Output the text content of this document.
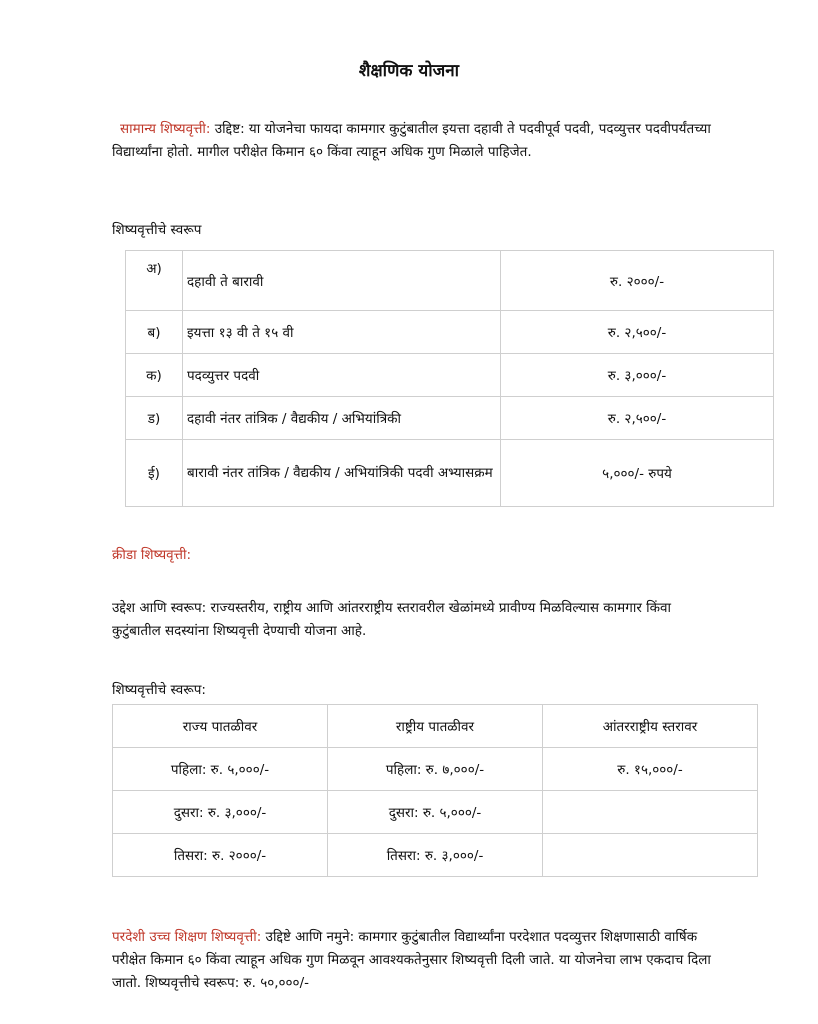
शैक्षणिक योजना
सामान्य शिष्यवृत्ती: उद्दिष्ट: या योजनेचा फायदा कामगार कुटुंबातील इयत्ता दहावी ते पदवीपूर्व पदवी, पदव्युत्तर पदवीपर्यंतच्या विद्यार्थ्यांना होतो. मागील परीक्षेत किमान ६० किंवा त्याहून अधिक गुण मिळाले पाहिजेत.
शिष्यवृत्तीचे स्वरूप
अ)	दहावी ते बारावी	रु. २०००/-
ब)	इयत्ता १३ वी ते १५ वी	रु. २,५००/-
क)	पदव्युत्तर पदवी	रु. ३,०००/-
ड)	दहावी नंतर तांत्रिक / वैद्यकीय / अभियांत्रिकी	रु. २,५००/-
ई)	बारावी नंतर तांत्रिक / वैद्यकीय / अभियांत्रिकी पदवी अभ्यासक्रम	५,०००/- रुपये
क्रीडा शिष्यवृत्ती:
उद्देश आणि स्वरूप: राज्यस्तरीय, राष्ट्रीय आणि आंतरराष्ट्रीय स्तरावरील खेळांमध्ये प्रावीण्य मिळविल्यास कामगार किंवा कुटुंबातील सदस्यांना शिष्यवृत्ती देण्याची योजना आहे.
शिष्यवृत्तीचे स्वरूप:
राज्य पातळीवर	राष्ट्रीय पातळीवर	आंतरराष्ट्रीय स्तरावर
पहिला: रु. ५,०००/-	पहिला: रु. ७,०००/-	रु. १५,०००/-
दुसरा: रु. ३,०००/-	दुसरा: रु. ५,०००/-	
तिसरा: रु. २०००/-	तिसरा: रु. ३,०००/-	
परदेशी उच्च शिक्षण शिष्यवृत्ती: उद्दिष्टे आणि नमुने: कामगार कुटुंबातील विद्यार्थ्यांना परदेशात पदव्युत्तर शिक्षणासाठी वार्षिक परीक्षेत किमान ६० किंवा त्याहून अधिक गुण मिळवून आवश्यकतेनुसार शिष्यवृत्ती दिली जाते. या योजनेचा लाभ एकदाच दिला जातो. शिष्यवृत्तीचे स्वरूप: रु. ५०,०००/-
